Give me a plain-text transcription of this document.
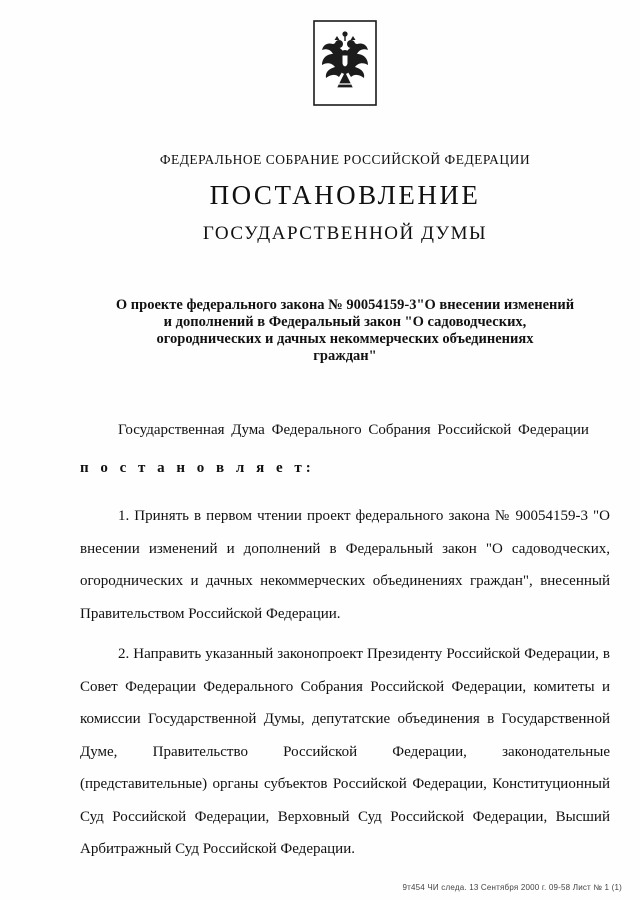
ФЕДЕРАЛЬНОЕ СОБРАНИЕ РОССИЙСКОЙ ФЕДЕРАЦИИ
ПОСТАНОВЛЕНИЕ
ГОСУДАРСТВЕННОЙ ДУМЫ
О проекте федерального закона № 90054159-3"О внесении изменений
и дополнений в Федеральный закон "О садоводческих,
огороднических и дачных некоммерческих объединениях
граждан"
Государственная Дума Федерального Собрания Российской Федерации
п о с т а н о в л я е т:
1. Принять в первом чтении проект федерального закона № 90054159-3 "О внесении изменений и дополнений в Федеральный закон "О садоводческих, огороднических и дачных некоммерческих объединениях граждан", внесенный Правительством Российской Федерации.
2. Направить указанный законопроект Президенту Российской Федерации, в Совет Федерации Федерального Собрания Российской Федерации, комитеты и комиссии Государственной Думы, депутатские объединения в Государственной Думе, Правительство Российской Федерации, законодательные (представительные) органы субъектов Российской Федерации, Конституционный Суд Российской Федерации, Верховный Суд Российской Федерации, Высший Арбитражный Суд Российской Федерации.
9т454 ЧИ следа. 13 Сентября 2000 г. 09-58 Лист № 1 (1)
